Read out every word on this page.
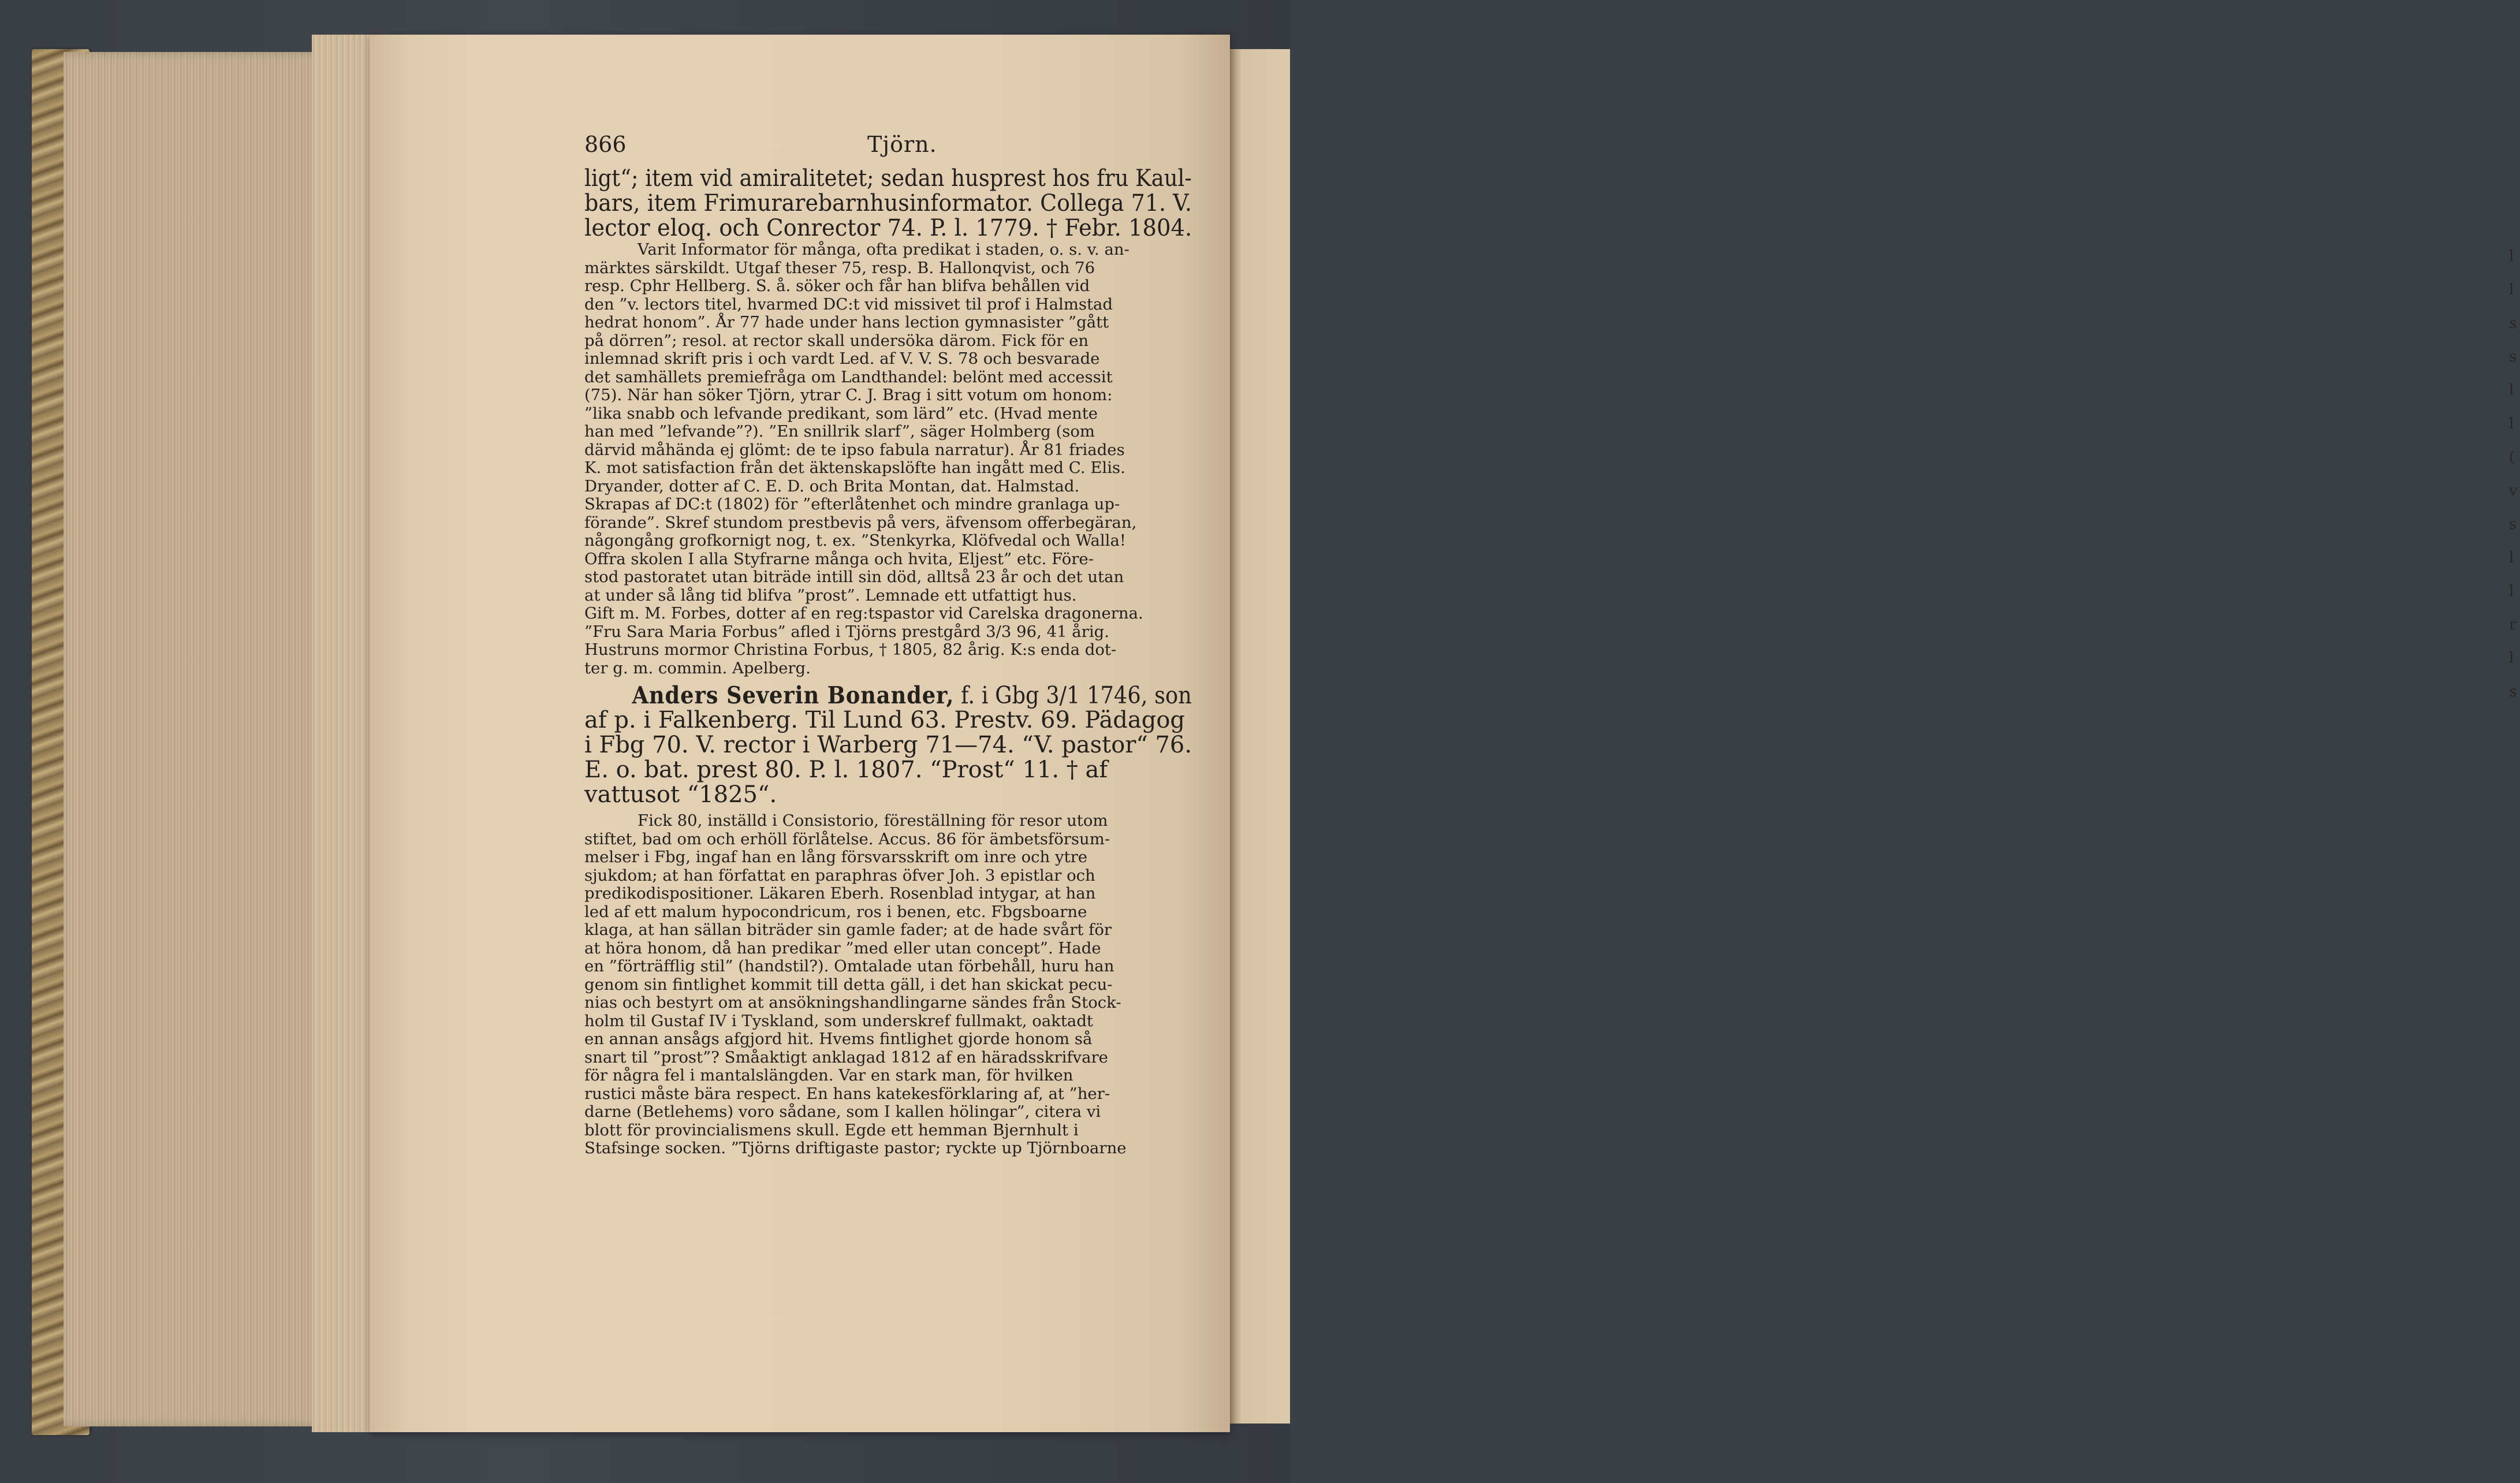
l
l
s
s
l
l
(
v
s
l
l
r
l
s
866	Tjörn.
ligt“; item vid amiralitetet; sedan husprest hos fru Kaul-
bars, item Frimurarebarnhusinformator. Collega 71. V.
lector eloq. och Conrector 74. P. l. 1779. † Febr. 1804.
Varit Informator för många, ofta predikat i staden, o. s. v. an-
märktes särskildt. Utgaf theser 75, resp. B. Hallonqvist, och 76
resp. Cphr Hellberg. S. å. söker och får han blifva behållen vid
den ”v. lectors titel, hvarmed DC:t vid missivet til prof i Halmstad
hedrat honom”. År 77 hade under hans lection gymnasister ”gått
på dörren”; resol. at rector skall undersöka därom. Fick för en
inlemnad skrift pris i och vardt Led. af V. V. S. 78 och besvarade
det samhällets premiefråga om Landthandel: belönt med accessit
(75). När han söker Tjörn, ytrar C. J. Brag i sitt votum om honom:
”lika snabb och lefvande predikant, som lärd” etc. (Hvad mente
han med ”lefvande”?). ”En snillrik slarf”, säger Holmberg (som
därvid måhända ej glömt: de te ipso fabula narratur). År 81 friades
K. mot satisfaction från det äktenskapslöfte han ingått med C. Elis.
Dryander, dotter af C. E. D. och Brita Montan, dat. Halmstad.
Skrapas af DC:t (1802) för ”efterlåtenhet och mindre granlaga up-
förande”. Skref stundom prestbevis på vers, äfvensom offerbegäran,
någongång grofkornigt nog, t. ex. ”Stenkyrka, Klöfvedal och Walla!
Offra skolen I alla Styfrarne många och hvita, Eljest” etc. Före-
stod pastoratet utan biträde intill sin död, alltså 23 år och det utan
at under så lång tid blifva ”prost”. Lemnade ett utfattigt hus.
Gift m. M. Forbes, dotter af en reg:tspastor vid Carelska dragonerna.
”Fru Sara Maria Forbus” afled i Tjörns prestgård 3/3 96, 41 årig.
Hustruns mormor Christina Forbus, † 1805, 82 årig. K:s enda dot-
ter g. m. commin. Apelberg.
Anders Severin Bonander, f. i Gbg 3/1 1746, son
af p. i Falkenberg. Til Lund 63. Prestv. 69. Pädagog
i Fbg 70. V. rector i Warberg 71—74. “V. pastor“ 76.
E. o. bat. prest 80. P. l. 1807. “Prost“ 11. † af
vattusot “1825“.
Fick 80, inställd i Consistorio, föreställning för resor utom
stiftet, bad om och erhöll förlåtelse. Accus. 86 för ämbetsförsum-
melser i Fbg, ingaf han en lång försvarsskrift om inre och ytre
sjukdom; at han författat en paraphras öfver Joh. 3 epistlar och
predikodispositioner. Läkaren Eberh. Rosenblad intygar, at han
led af ett malum hypocondricum, ros i benen, etc. Fbgsboarne
klaga, at han sällan biträder sin gamle fader; at de hade svårt för
at höra honom, då han predikar ”med eller utan concept”. Hade
en ”förträfflig stil” (handstil?). Omtalade utan förbehåll, huru han
genom sin fintlighet kommit till detta gäll, i det han skickat pecu-
nias och bestyrt om at ansökningshandlingarne sändes från Stock-
holm til Gustaf IV i Tyskland, som underskref fullmakt, oaktadt
en annan ansågs afgjord hit. Hvems fintlighet gjorde honom så
snart til ”prost”? Småaktigt anklagad 1812 af en häradsskrifvare
för några fel i mantalslängden. Var en stark man, för hvilken
rustici måste bära respect. En hans katekesförklaring af, at ”her-
darne (Betlehems) voro sådane, som I kallen hölingar”, citera vi
blott för provincialismens skull. Egde ett hemman Bjernhult i
Stafsinge socken. ”Tjörns driftigaste pastor; ryckte up Tjörnboarne
